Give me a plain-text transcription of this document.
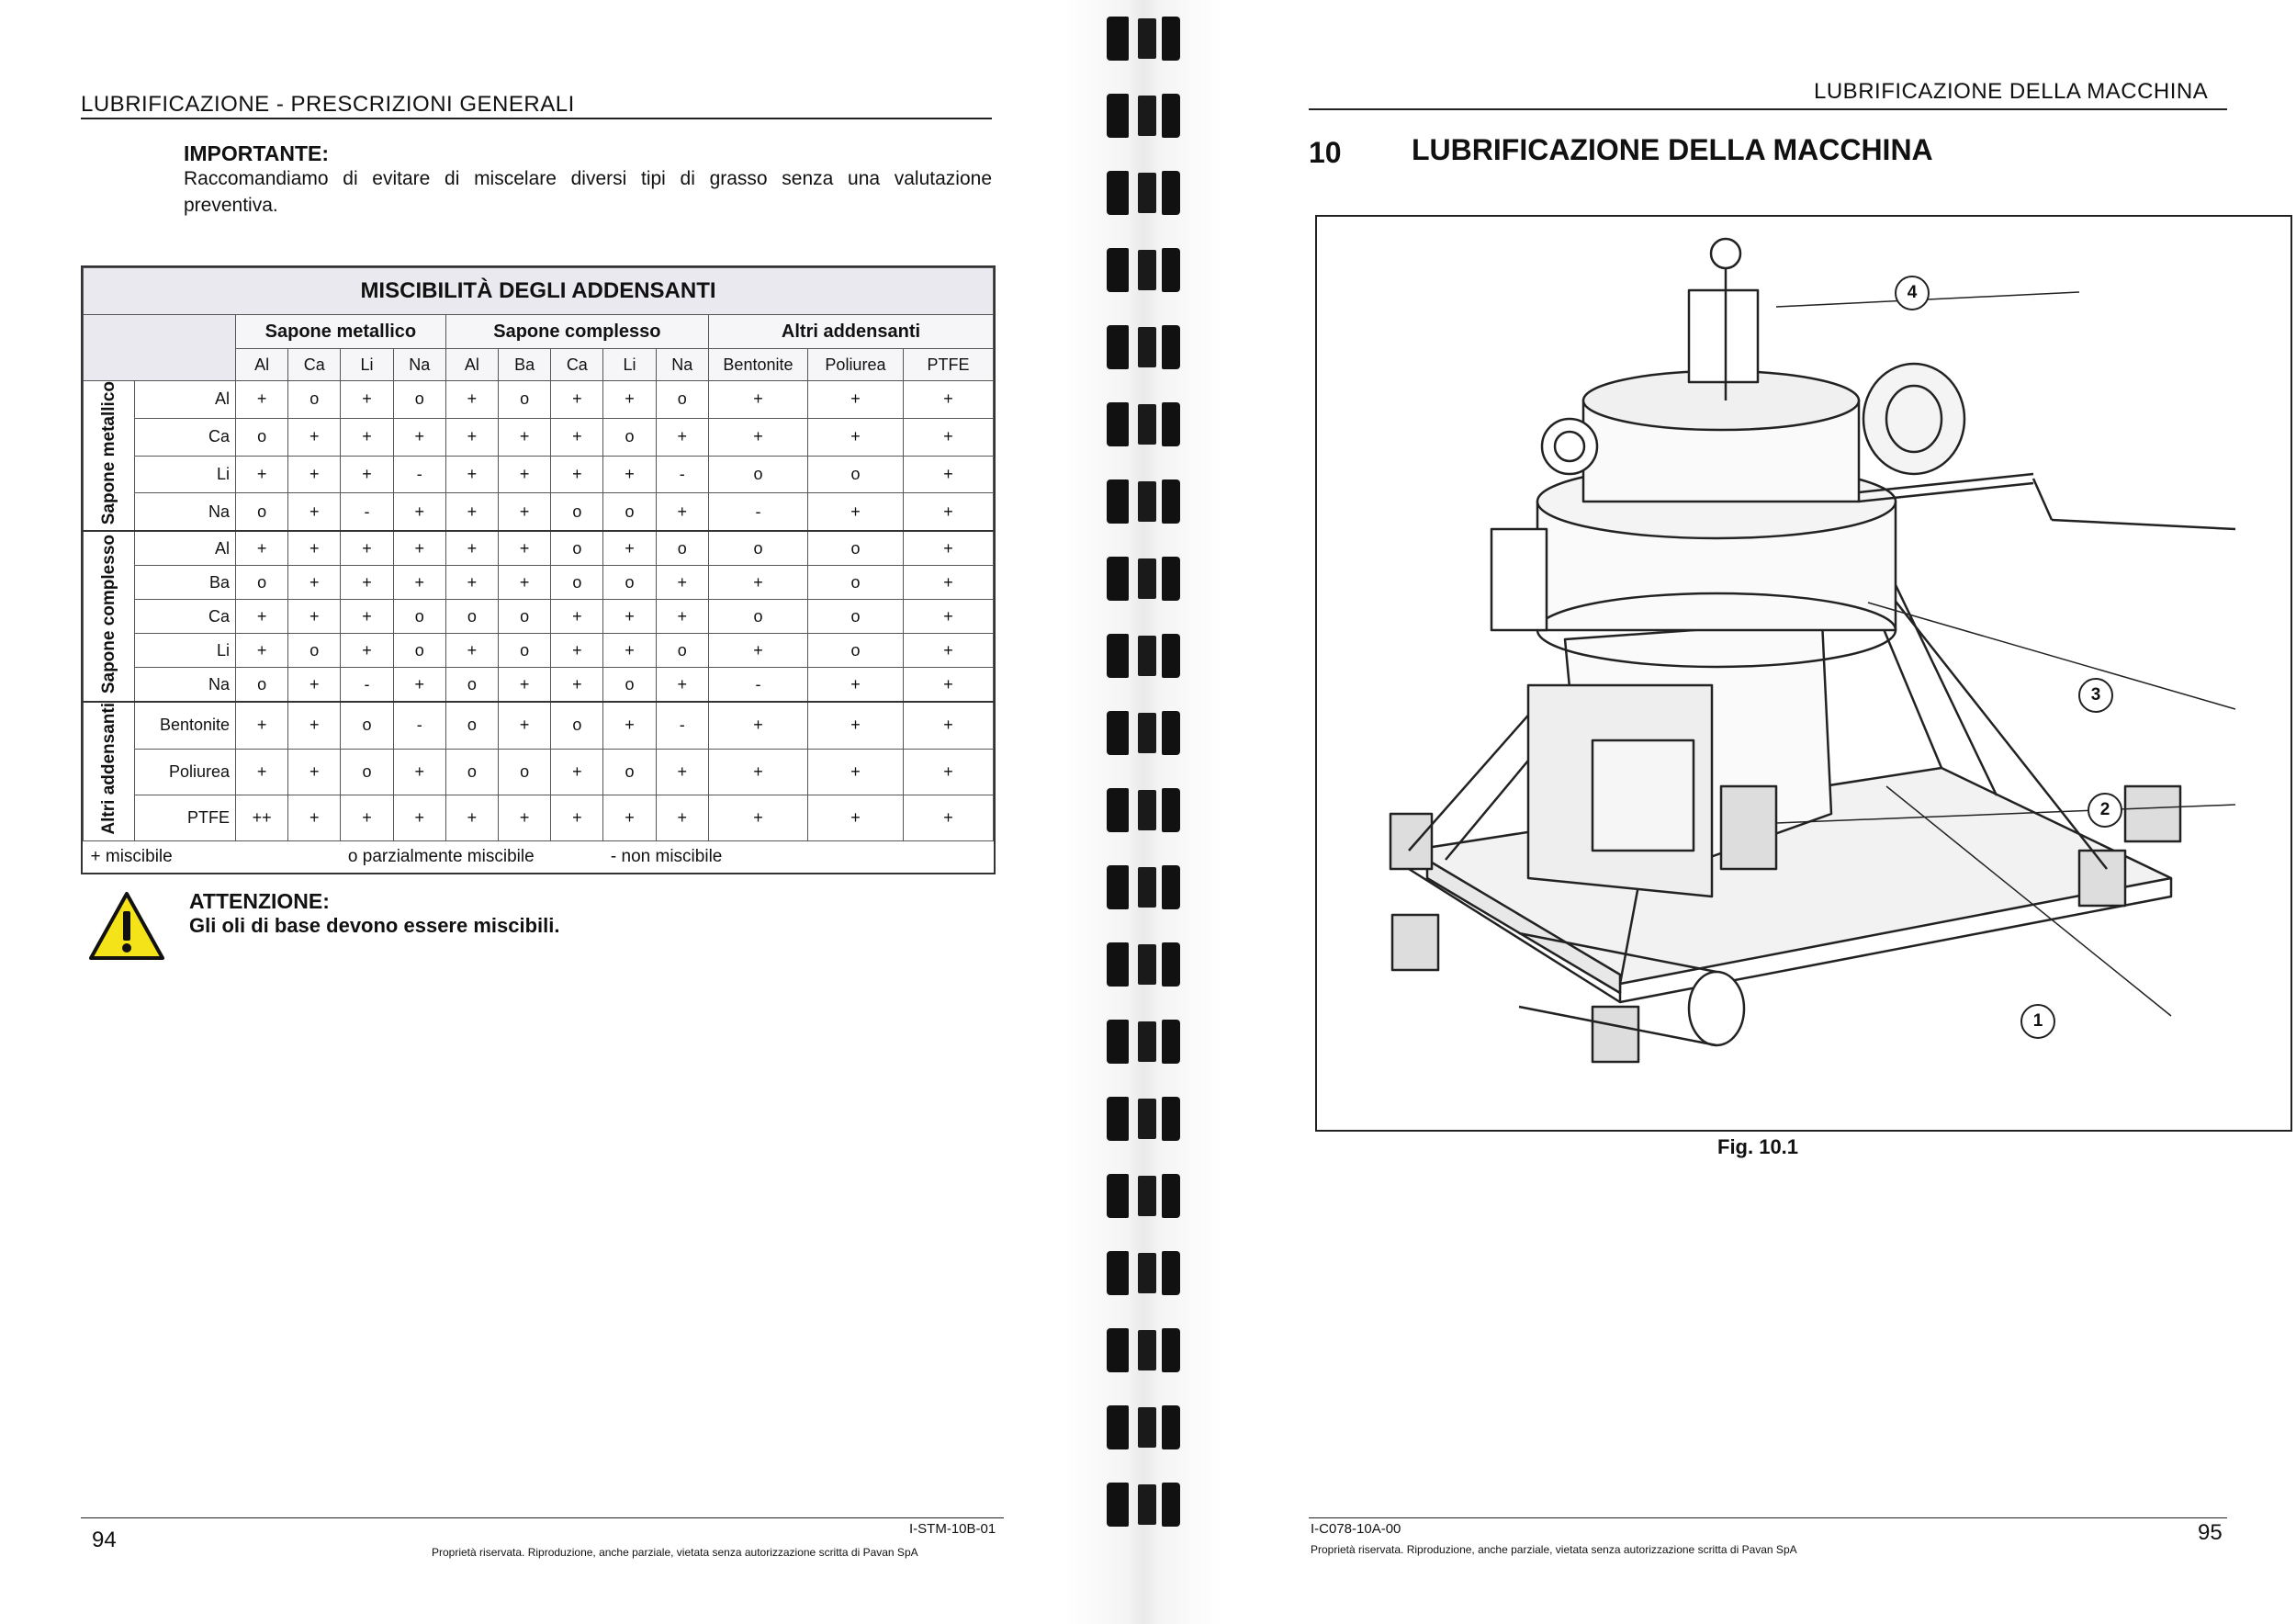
LUBRIFICAZIONE - PRESCRIZIONI GENERALI
IMPORTANTE:
Raccomandiamo di evitare di miscelare diversi tipi di grasso senza una valutazione preventiva.
MISCIBILITÀ DEGLI ADDENSANTI													
		Sapone metallico				Sapone complesso					Altri addensanti		
		Al	Ca	Li	Na	Al	Ba	Ca	Li	Na	Bentonite	Poliurea	PTFE
Sapone metallico	Al	+	o	+	o	+	o	+	+	o	+	+	+
	Ca	o	+	+	+	+	+	+	o	+	+	+	+
	Li	+	+	+	-	+	+	+	+	-	o	o	+
	Na	o	+	-	+	+	+	o	o	+	-	+	+
Sapone complesso	Al	+	+	+	+	+	+	o	+	o	o	o	+
	Ba	o	+	+	+	+	+	o	o	+	+	o	+
	Ca	+	+	+	o	o	o	+	+	+	o	o	+
	Li	+	o	+	o	+	o	+	+	o	+	o	+
	Na	o	+	-	+	o	+	+	o	+	-	+	+
Altri addensanti	Bentonite	+	+	o	-	o	+	o	+	-	+	+	+
	Poliurea	+	+	o	+	o	o	+	o	+	+	+	+
	PTFE	++	+	+	+	+	+	+	+	+	+	+	+
+ miscibile				o parzialmente miscibile					- non miscibile				
ATTENZIONE:
Gli oli di base devono essere miscibili.
94	I-STM-10B-01
Proprietà riservata. Riproduzione, anche parziale, vietata senza autorizzazione scritta di Pavan SpA
LUBRIFICAZIONE DELLA MACCHINA
10 LUBRIFICAZIONE DELLA MACCHINA
4
3
2
1
Fig. 10.1
I-C078-10A-00
Proprietà riservata. Riproduzione, anche parziale, vietata senza autorizzazione scritta di Pavan SpA
95
